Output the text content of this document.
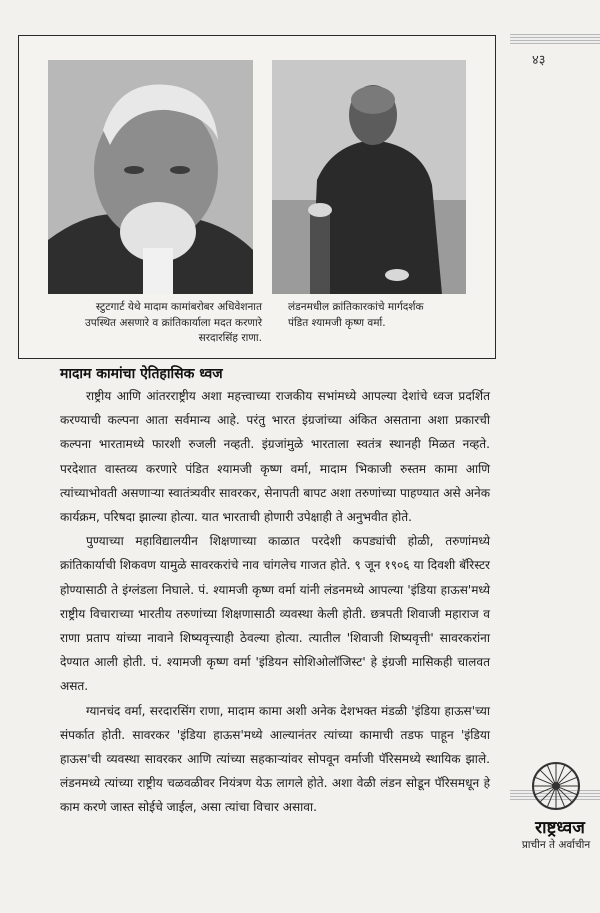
४३
स्टुटगार्ट येथे मादाम कामांबरोबर अधिवेशनात
उपस्थित असणारे व क्रांतिकार्याला मदत करणारे
सरदारसिंह राणा.
लंडनमधील क्रांतिकारकांचे मार्गदर्शक
पंडित श्यामजी कृष्ण वर्मा.
मादाम कामांचा ऐतिहासिक ध्वज

राष्ट्रीय आणि आंतरराष्ट्रीय अशा महत्त्वाच्या राजकीय सभांमध्ये आपल्या देशांचे ध्वज प्रदर्शित करण्याची कल्पना आता सर्वमान्य आहे. परंतु भारत इंग्रजांच्या अंकित असताना अशा प्रकारची कल्पना भारतामध्ये फारशी रुजली नव्हती. इंग्रजांमुळे भारताला स्वतंत्र स्थानही मिळत नव्हते. परदेशात वास्तव्य करणारे पंडित श्यामजी कृष्ण वर्मा, मादाम भिकाजी रुस्तम कामा आणि त्यांच्याभोवती असणाऱ्या स्वातंत्र्यवीर सावरकर, सेनापती बापट अशा तरुणांच्या पाहण्यात असे अनेक कार्यक्रम, परिषदा झाल्या होत्या. यात भारताची होणारी उपेक्षाही ते अनुभवीत होते.

पुण्याच्या महाविद्यालयीन शिक्षणाच्या काळात परदेशी कपड्यांची होळी, तरुणांमध्ये क्रांतिकार्याची शिकवण यामुळे सावरकरांचे नाव चांगलेच गाजत होते. ९ जून १९०६ या दिवशी बॅरिस्टर होण्यासाठी ते इंग्लंडला निघाले. पं. श्यामजी कृष्ण वर्मा यांनी लंडनमध्ये आपल्या 'इंडिया हाऊस'मध्ये राष्ट्रीय विचाराच्या भारतीय तरुणांच्या शिक्षणासाठी व्यवस्था केली होती. छत्रपती शिवाजी महाराज व राणा प्रताप यांच्या नावाने शिष्यवृत्त्याही ठेवल्या होत्या. त्यातील 'शिवाजी शिष्यवृत्ती' सावरकरांना देण्यात आली होती. पं. श्यामजी कृष्ण वर्मा 'इंडियन सोशिओलॉजिस्ट' हे इंग्रजी मासिकही चालवत असत.

ग्यानचंद वर्मा, सरदारसिंग राणा, मादाम कामा अशी अनेक देशभक्त मंडळी 'इंडिया हाऊस'च्या संपर्कात होती. सावरकर 'इंडिया हाऊस'मध्ये आल्यानंतर त्यांच्या कामाची तडफ पाहून 'इंडिया हाऊस'ची व्यवस्था सावरकर आणि त्यांच्या सहकाऱ्यांवर सोपवून वर्माजी पॅरिसमध्ये स्थायिक झाले. लंडनमध्ये त्यांच्या राष्ट्रीय चळवळीवर नियंत्रण येऊ लागले होते. अशा वेळी लंडन सोडून पॅरिसमधून हे काम करणे जास्त सोईचे जाईल, असा त्यांचा विचार असावा.

राष्ट्रध्वज
प्राचीन ते अर्वाचीन
